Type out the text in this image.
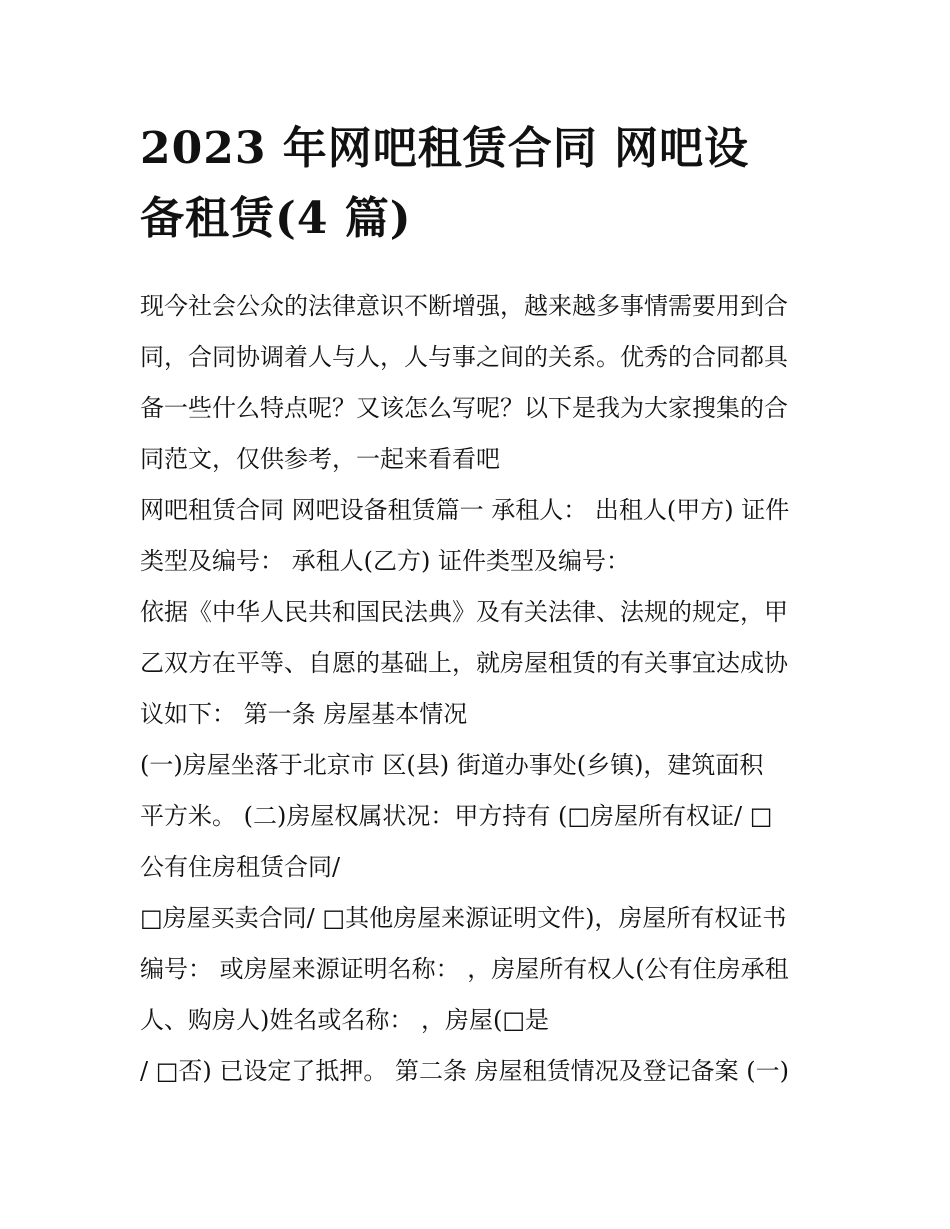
2023 年网吧租赁合同 网吧设
备租赁(4 篇)

现今社会公众的法律意识不断增强，越来越多事情需要用到合
同，合同协调着人与人，人与事之间的关系。优秀的合同都具
备一些什么特点呢？又该怎么写呢？以下是我为大家搜集的合
同范文，仅供参考，一起来看看吧

网吧租赁合同 网吧设备租赁篇一 承租人： 出租人(甲方) 证件
类型及编号： 承租人(乙方) 证件类型及编号：

依据《中华人民共和国民法典》及有关法律、法规的规定，甲
乙双方在平等、自愿的基础上，就房屋租赁的有关事宜达成协
议如下： 第一条 房屋基本情况

(一)房屋坐落于北京市 区(县) 街道办事处(乡镇)，建筑面积
平方米。 (二)房屋权属状况：甲方持有 (□房屋所有权证/ □
公有住房租赁合同/

□房屋买卖合同/ □其他房屋来源证明文件)，房屋所有权证书
编号： 或房屋来源证明名称： ，房屋所有权人(公有住房承租
人、购房人)姓名或名称： ，房屋(□是

/ □否) 已设定了抵押。 第二条 房屋租赁情况及登记备案 (一)
